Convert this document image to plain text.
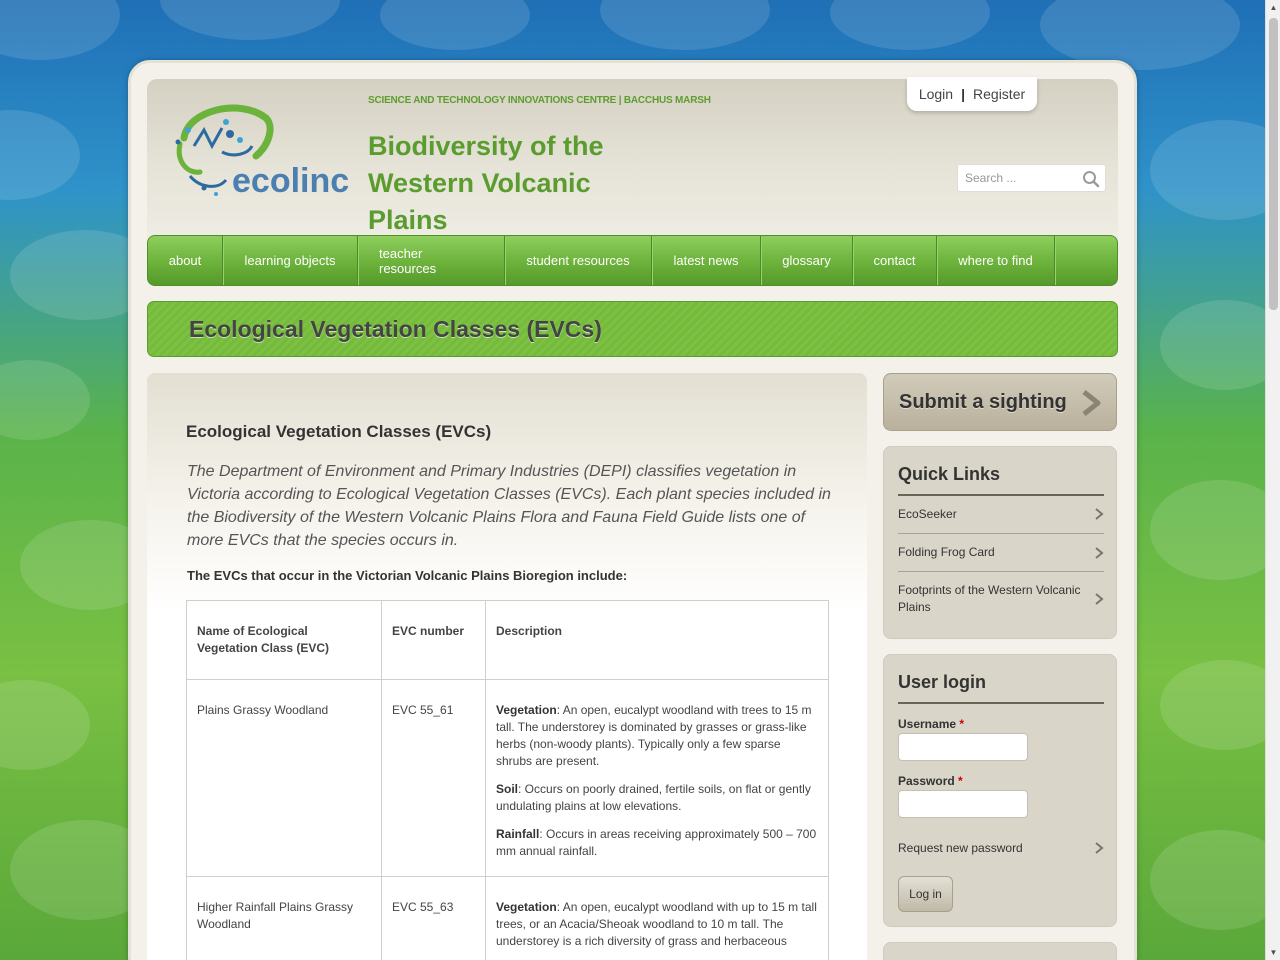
ecolinc
SCIENCE AND TECHNOLOGY INNOVATIONS CENTRE | BACCHUS MARSH
Biodiversity of the Western Volcanic Plains
Login | Register
Search ...
about	learning objects	teacher resources	student resources	latest news	glossary	contact	where to find
Ecological Vegetation Classes (EVCs)
Ecological Vegetation Classes (EVCs)

The Department of Environment and Primary Industries (DEPI) classifies vegetation in Victoria according to Ecological Vegetation Classes (EVCs). Each plant species included in the Biodiversity of the Western Volcanic Plains Flora and Fauna Field Guide lists one of more EVCs that the species occurs in.

The EVCs that occur in the Victorian Volcanic Plains Bioregion include:

Name of Ecological Vegetation Class (EVC)	EVC number	Description
Plains Grassy Woodland	EVC 55_61	Vegetation: An open, eucalypt woodland with trees to 15 m tall. The understorey is dominated by grasses or grass-like herbs (non-woody plants). Typically only a few sparse shrubs are present.

Soil: Occurs on poorly drained, fertile soils, on flat or gently undulating plains at low elevations.

Rainfall: Occurs in areas receiving approximately 500 – 700 mm annual rainfall.

Higher Rainfall Plains Grassy Woodland	EVC 55_63	Vegetation: An open, eucalypt woodland with up to 15 m tall trees, or an Acacia/Sheoak woodland to 10 m tall. The understorey is a rich diversity of grass and herbaceous

Submit a sighting
Quick Links
EcoSeeker
Folding Frog Card
Footprints of the Western Volcanic Plains
User login
Username *
Password *
Request new password
Log in
▲
▼
